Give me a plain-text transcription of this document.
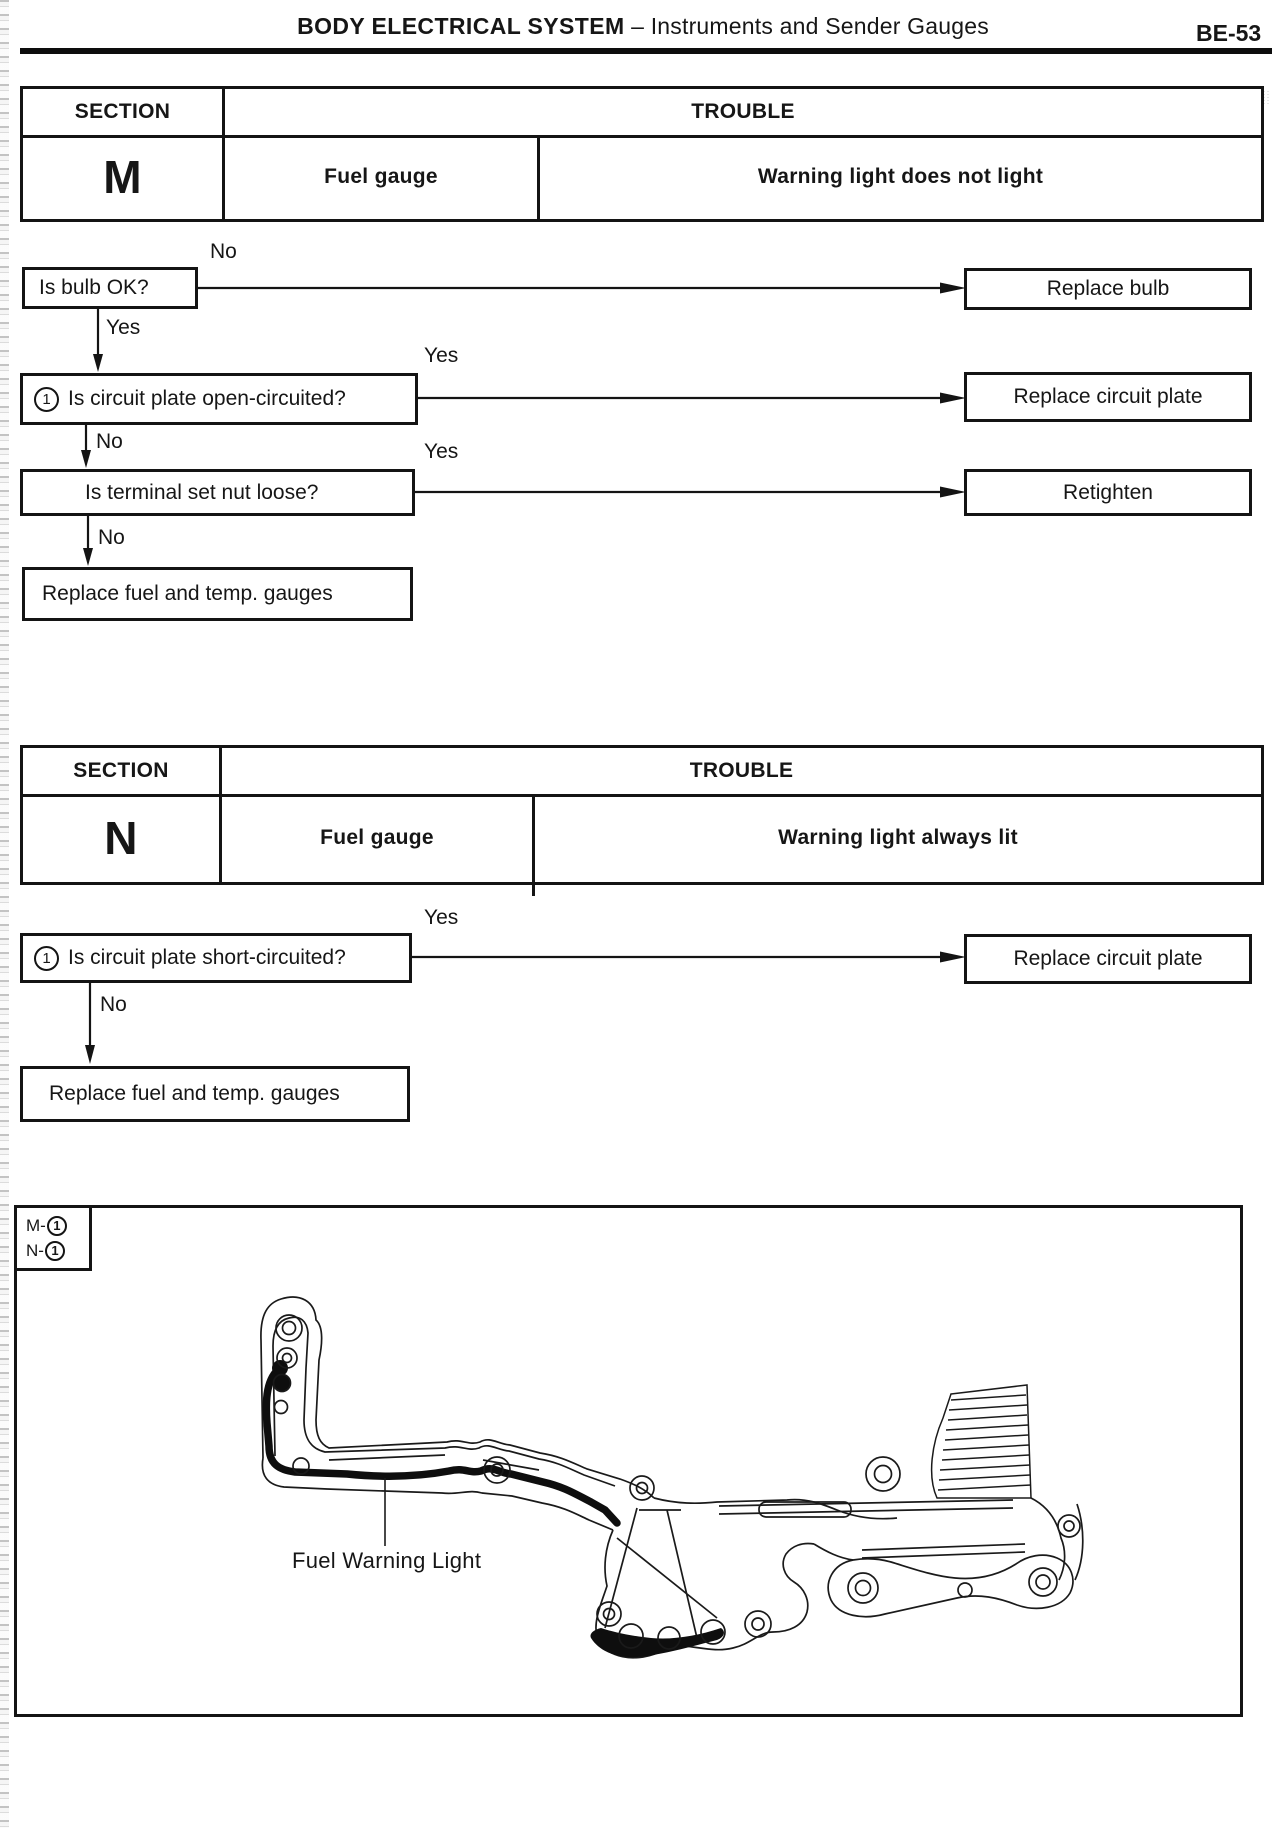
BODY ELECTRICAL SYSTEM – Instruments and Sender Gauges	BE-53
SECTION	TROUBLE
M	Fuel gauge	Warning light does not light
Is bulb OK?
No
Replace bulb
Yes
1 Is circuit plate open-circuited?
Yes
Replace circuit plate
No
Is terminal set nut loose?
Yes
Retighten
No
Replace fuel and temp. gauges
SECTION	TROUBLE
N	Fuel gauge	Warning light always lit
1 Is circuit plate short-circuited?
Yes
Replace circuit plate
No
Replace fuel and temp. gauges
M- 1
N- 1
Fuel Warning Light
